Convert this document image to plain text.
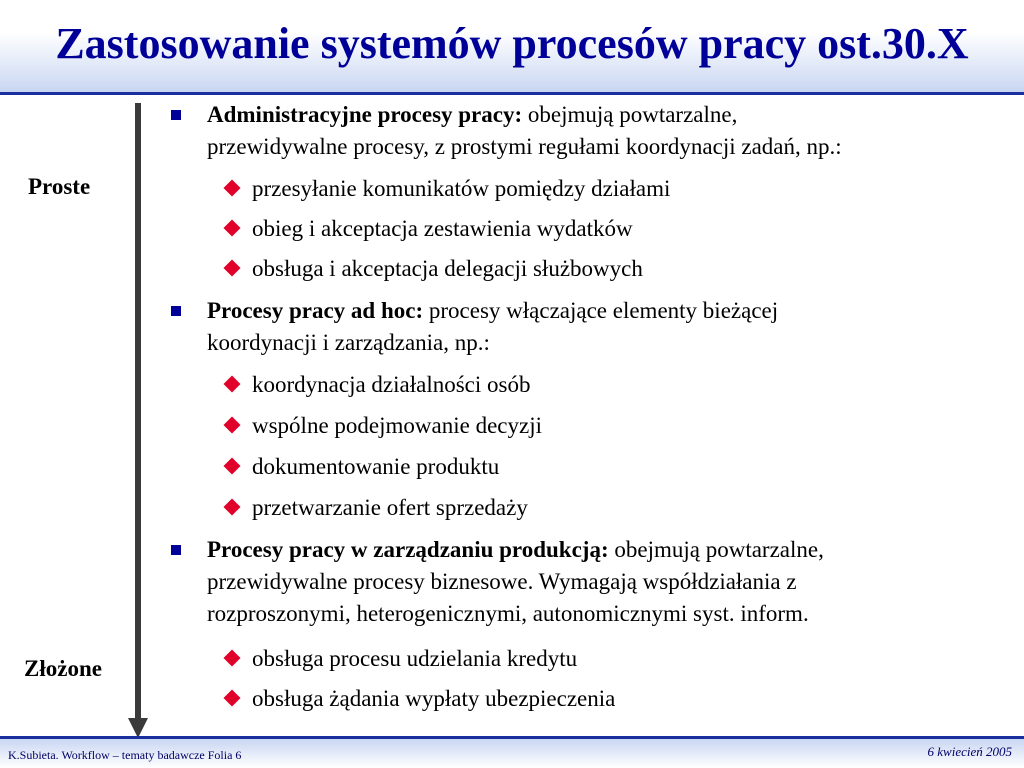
Zastosowanie systemów procesów pracy ost.30.X
Proste
Złożone
Administracyjne procesy pracy: obejmują powtarzalne,
przewidywalne procesy, z prostymi regułami koordynacji zadań, np.:
przesyłanie komunikatów pomiędzy działami
obieg i akceptacja zestawienia wydatków
obsługa i akceptacja delegacji służbowych
Procesy pracy ad hoc: procesy włączające elementy bieżącej
koordynacji i zarządzania, np.:
koordynacja działalności osób
wspólne podejmowanie decyzji
dokumentowanie produktu
przetwarzanie ofert sprzedaży
Procesy pracy w zarządzaniu produkcją: obejmują powtarzalne,
przewidywalne procesy biznesowe. Wymagają współdziałania z
rozproszonymi, heterogenicznymi, autonomicznymi syst. inform.
obsługa procesu udzielania kredytu
obsługa żądania wypłaty ubezpieczenia
K.Subieta. Workflow – tematy badawcze Folia 6	6 kwiecień 2005
